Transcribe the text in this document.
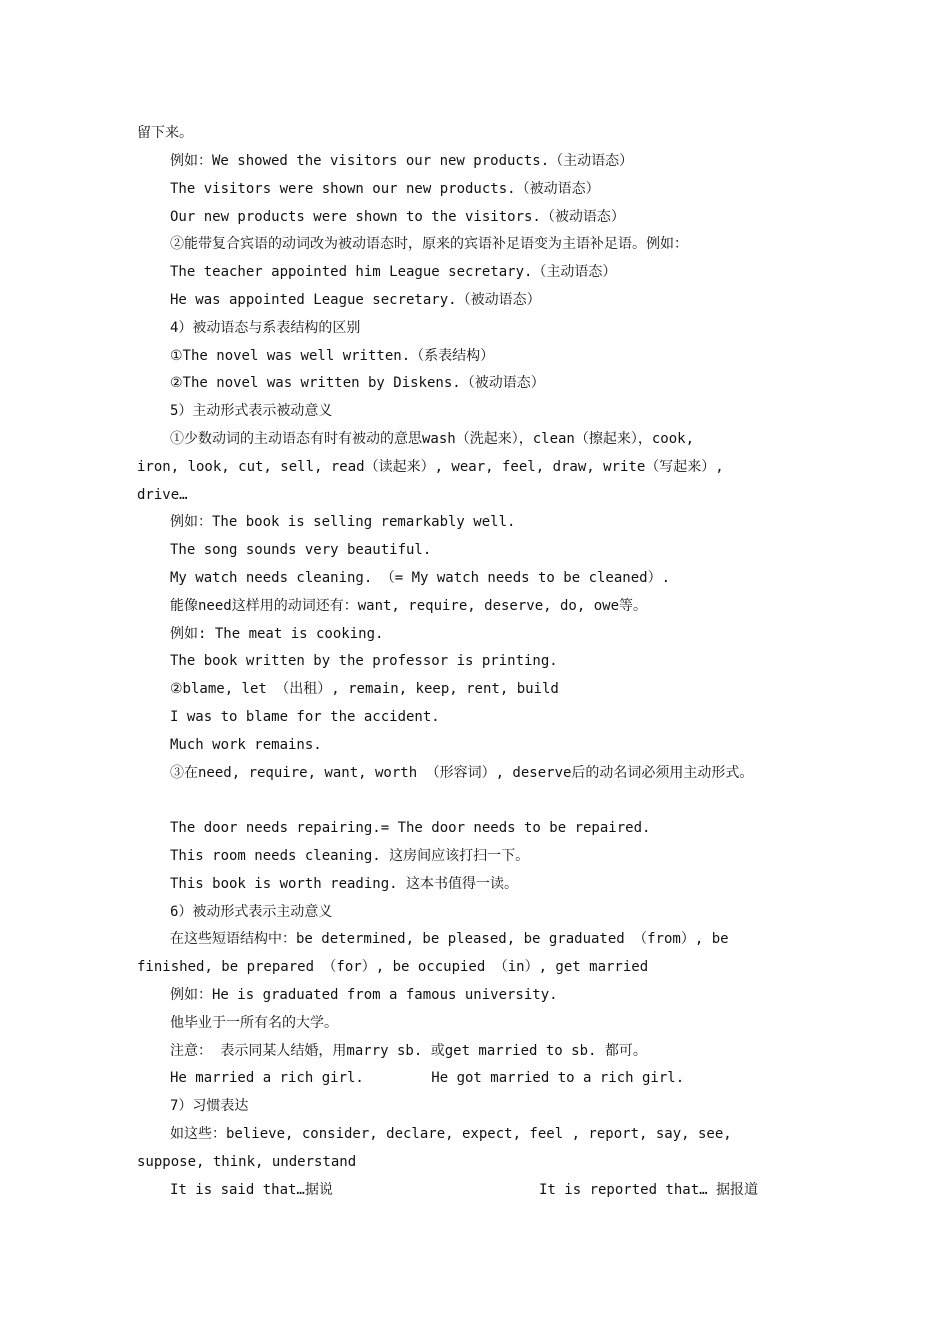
留下来。
例如：We showed the visitors our new products.（主动语态）
The visitors were shown our new products.（被动语态）
Our new products were shown to the visitors.（被动语态）
②能带复合宾语的动词改为被动语态时，原来的宾语补足语变为主语补足语。例如：
The teacher appointed him League secretary.（主动语态）
He was appointed League secretary.（被动语态）
4）被动语态与系表结构的区别
①The novel was well written.（系表结构）
②The novel was written by Diskens.（被动语态）
5）主动形式表示被动意义
①少数动词的主动语态有时有被动的意思wash（洗起来），clean（擦起来），cook,
iron, look, cut, sell, read（读起来）, wear, feel, draw, write（写起来）,
drive…
例如：The book is selling remarkably well.
The song sounds very beautiful.
My watch needs cleaning. （= My watch needs to be cleaned）.
能像need这样用的动词还有：want, require, deserve, do, owe等。
例如: The meat is cooking.
The book written by the professor is printing.
②blame, let （出租）, remain, keep, rent, build
I was to blame for the accident.
Much work remains.
③在need, require, want, worth （形容词）, deserve后的动名词必须用主动形式。
The door needs repairing.= The door needs to be repaired.
This room needs cleaning. 这房间应该打扫一下。
This book is worth reading. 这本书值得一读。
6）被动形式表示主动意义
在这些短语结构中：be determined, be pleased, be graduated （from）, be
finished, be prepared （for）, be occupied （in）, get married
例如：He is graduated from a famous university.
他毕业于一所有名的大学。
注意： 表示同某人结婚，用marry sb. 或get married to sb. 都可。
He married a rich girl.        He got married to a rich girl.
7）习惯表达
如这些：believe, consider, declare, expect, feel , report, say, see,
suppose, think, understand
It is said that…据说	It is reported that… 据报道
